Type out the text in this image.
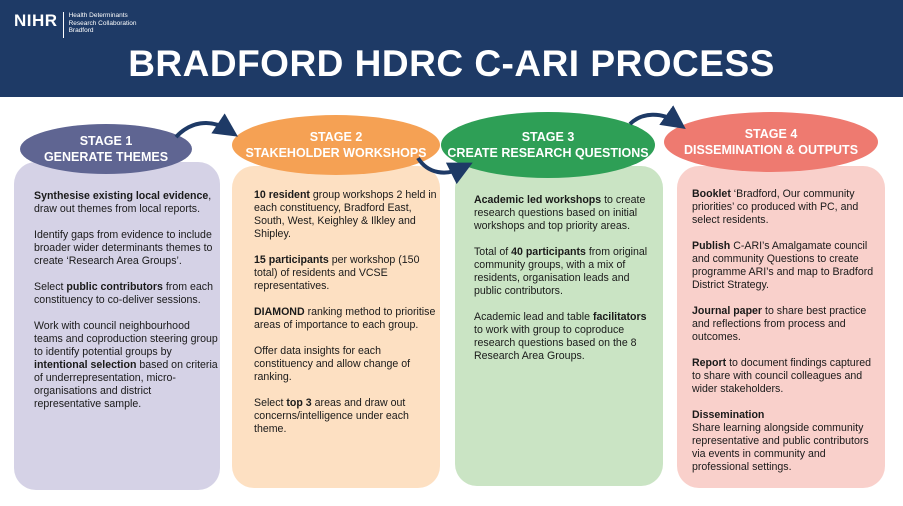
NIHR Health Determinants
Research Collaboration
Bradford
BRADFORD HDRC C-ARI PROCESS
STAGE 1
GENERATE THEMES
STAGE 2
STAKEHOLDER WORKSHOPS
STAGE 3
CREATE RESEARCH QUESTIONS
STAGE 4
DISSEMINATION & OUTPUTS

Synthesise existing local evidence, draw out themes from local reports.

Identify gaps from evidence to include broader wider determinants themes to create ‘Research Area Groups’.

Select public contributors from each constituency to co-deliver sessions.

Work with council neighbourhood teams and coproduction steering group to identify potential groups by intentional selection based on criteria of underrepresentation, micro-organisations and district representative sample.

10 resident group workshops 2 held in each constituency, Bradford East, South, West, Keighley & Ilkley and Shipley.

15 participants per workshop (150 total) of residents and VCSE representatives.

DIAMOND ranking method to prioritise areas of importance to each group.

Offer data insights for each constituency and allow change of ranking.

Select top 3 areas and draw out concerns/intelligence under each theme.

Academic led workshops to create research questions based on initial workshops and top priority areas.

Total of 40 participants from original community groups, with a mix of residents, organisation leads and public contributors.

Academic lead and table facilitators to work with group to coproduce research questions based on the 8 Research Area Groups.

Booklet ‘Bradford, Our community priorities’ co produced with PC, and select residents.

Publish C-ARI’s Amalgamate council and community Questions to create programme ARI’s and map to Bradford District Strategy.

Journal paper to share best practice and reflections from process and outcomes.

Report to document findings captured to share with council colleagues and wider stakeholders.

Dissemination
Share learning alongside community representative and public contributors via events in community and professional settings.
